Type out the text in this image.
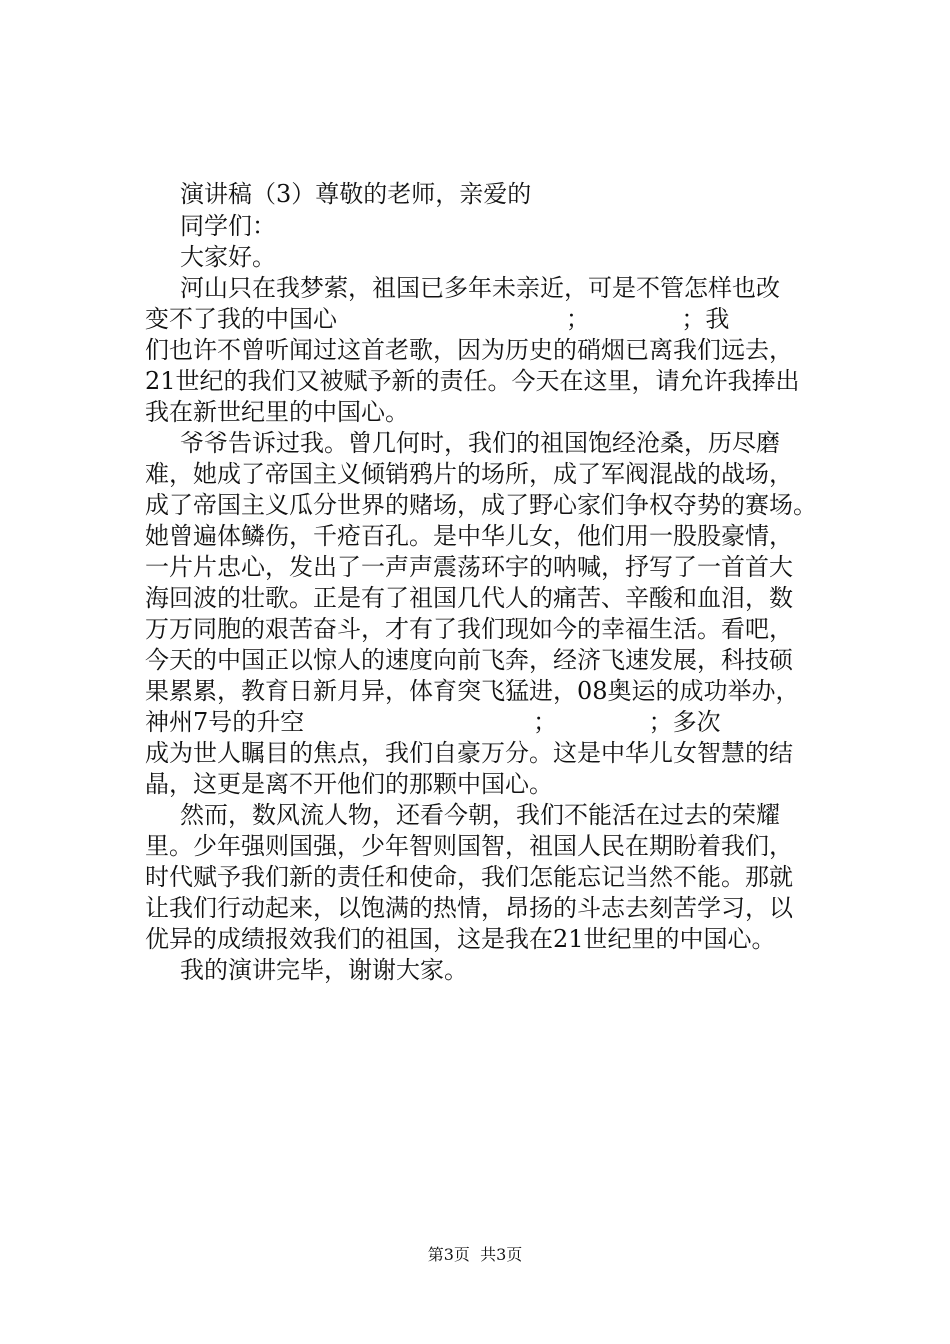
演讲稿（3）尊敬的老师，亲爱的
同学们：
大家好。
河山只在我梦萦，祖国已多年未亲近，可是不管怎样也改
变不了我的中国心                              ；            ；我
们也许不曾听闻过这首老歌，因为历史的硝烟已离我们远去，
21世纪的我们又被赋予新的责任。今天在这里，请允许我捧出
我在新世纪里的中国心。
爷爷告诉过我。曾几何时，我们的祖国饱经沧桑，历尽磨
难，她成了帝国主义倾销鸦片的场所，成了军阀混战的战场，
成了帝国主义瓜分世界的赌场，成了野心家们争权夺势的赛场。
她曾遍体鳞伤，千疮百孔。是中华儿女，他们用一股股豪情，
一片片忠心，发出了一声声震荡环宇的呐喊，抒写了一首首大
海回波的壮歌。正是有了祖国几代人的痛苦、辛酸和血泪，数
万万同胞的艰苦奋斗，才有了我们现如今的幸福生活。看吧，
今天的中国正以惊人的速度向前飞奔，经济飞速发展，科技硕
果累累，教育日新月异，体育突飞猛进，08奥运的成功举办，
神州7号的升空                              ；            ；多次
成为世人瞩目的焦点，我们自豪万分。这是中华儿女智慧的结
晶，这更是离不开他们的那颗中国心。
然而，数风流人物，还看今朝，我们不能活在过去的荣耀
里。少年强则国强，少年智则国智，祖国人民在期盼着我们，
时代赋予我们新的责任和使命，我们怎能忘记当然不能。那就
让我们行动起来，以饱满的热情，昂扬的斗志去刻苦学习，以
优异的成绩报效我们的祖国，这是我在21世纪里的中国心。
我的演讲完毕，谢谢大家。
第3页  共3页
